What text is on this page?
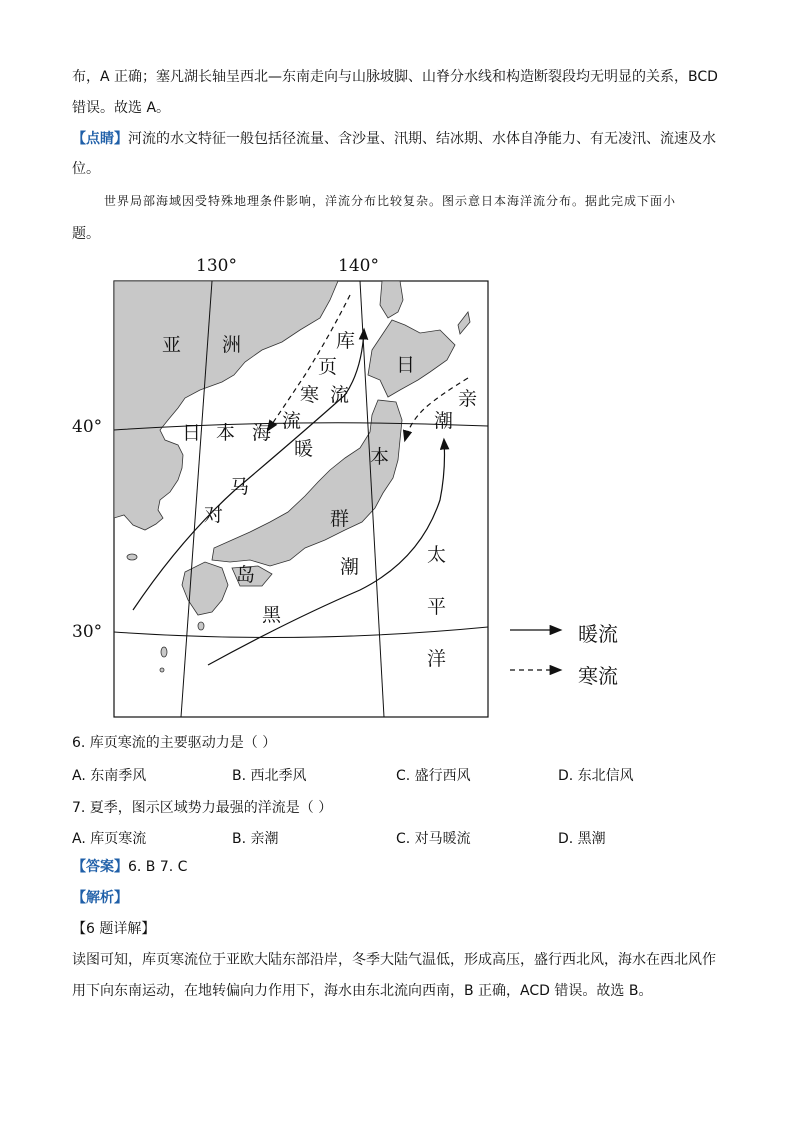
布，A 正确；塞凡湖长轴呈西北—东南走向与山脉坡脚、山脊分水线和构造断裂段均无明显的关系，BCD
错误。故选 A。
【点睛】河流的水文特征一般包括径流量、含沙量、汛期、结冰期、水体自净能力、有无凌汛、流速及水
位。
世界局部海域因受特殊地理条件影响，洋流分布比较复杂。图示意日本海洋流分布。据此完成下面小
题。
130°	140°
40°
30°
亚 洲
日
本
群
岛
太
平
洋
日 本 海
库
页
寒 流
流
亲
潮
对
马
暖
黑
潮
暖流
寒流
6. 库页寒流的主要驱动力是（ ）
A. 东南季风	B. 西北季风	C. 盛行西风	D. 东北信风
7. 夏季，图示区域势力最强的洋流是（ ）
A. 库页寒流	B. 亲潮	C. 对马暖流	D. 黑潮
【答案】6. B 7. C
【解析】
【6 题详解】
读图可知，库页寒流位于亚欧大陆东部沿岸，冬季大陆气温低，形成高压，盛行西北风，海水在西北风作
用下向东南运动，在地转偏向力作用下，海水由东北流向西南，B 正确，ACD 错误。故选 B。
